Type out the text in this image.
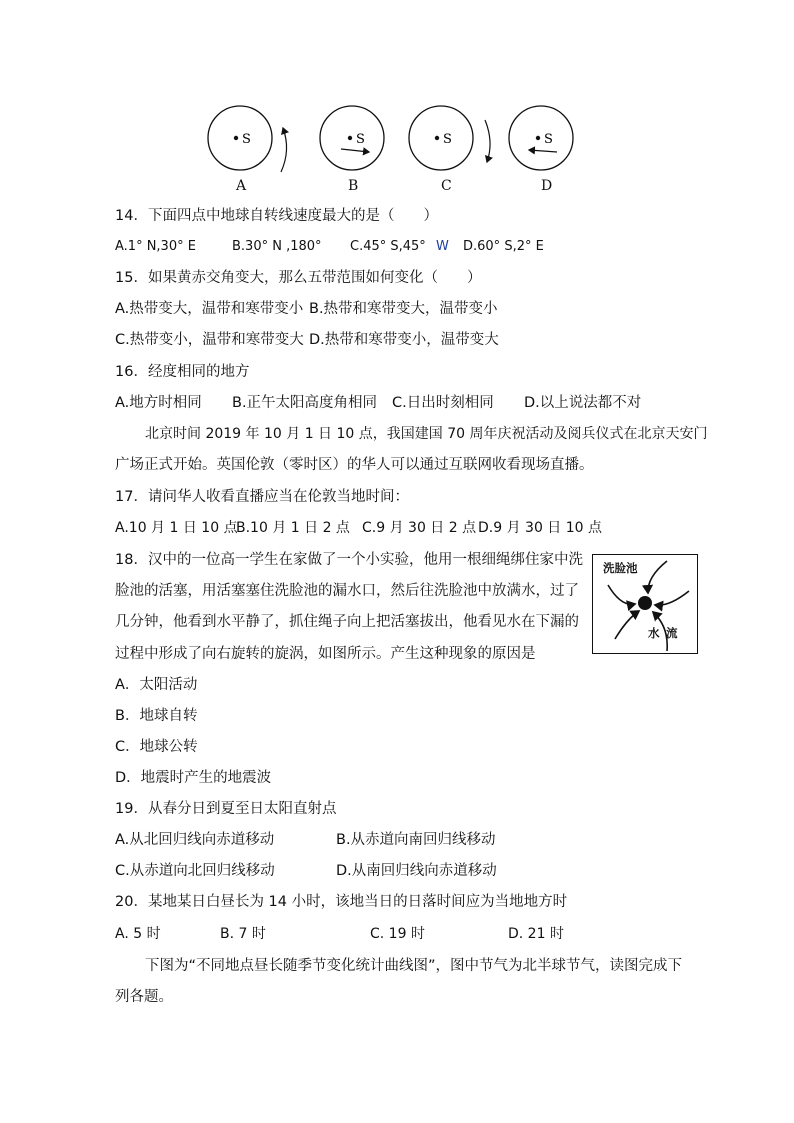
S	S	S	S
A	B	C	D
14．下面四点中地球自转线速度最大的是（　　）
A.1° N,30° E	B.30° N ,180° C.45° S,45° W D.60° S,2° E
15．如果黄赤交角变大，那么五带范围如何变化（　　）
A.热带变大，温带和寒带变小 B.热带和寒带变大，温带变小
C.热带变小，温带和寒带变大 D.热带和寒带变小，温带变大
16．经度相同的地方
A.地方时相同 B.正午太阳高度角相同 C.日出时刻相同 D.以上说法都不对
北京时间 2019 年 10 月 1 日 10 点，我国建国 70 周年庆祝活动及阅兵仪式在北京天安门
广场正式开始。英国伦敦（零时区）的华人可以通过互联网收看现场直播。
17．请问华人收看直播应当在伦敦当地时间：
A.10 月 1 日 10 点
B.10 月 1 日 2 点 C.9 月 30 日 2 点 D.9 月 30 日 10 点
18．汉中的一位高一学生在家做了一个小实验，他用一根细绳绑住家中洗
脸池的活塞，用活塞塞住洗脸池的漏水口，然后往洗脸池中放满水，过了
几分钟，他看到水平静了，抓住绳子向上把活塞拔出，他看见水在下漏的
过程中形成了向右旋转的旋涡，如图所示。产生这种现象的原因是
洗脸池
水 流
A．太阳活动
B．地球自转
C．地球公转
D．地震时产生的地震波
19．从春分日到夏至日太阳直射点
A.从北回归线向赤道移动	B.从赤道向南回归线移动
C.从赤道向北回归线移动	D.从南回归线向赤道移动
20．某地某日白昼长为 14 小时，该地当日的日落时间应为当地地方时
A. 5 时	B. 7 时	C. 19 时	D. 21 时
下图为“不同地点昼长随季节变化统计曲线图”，图中节气为北半球节气，读图完成下
列各题。
